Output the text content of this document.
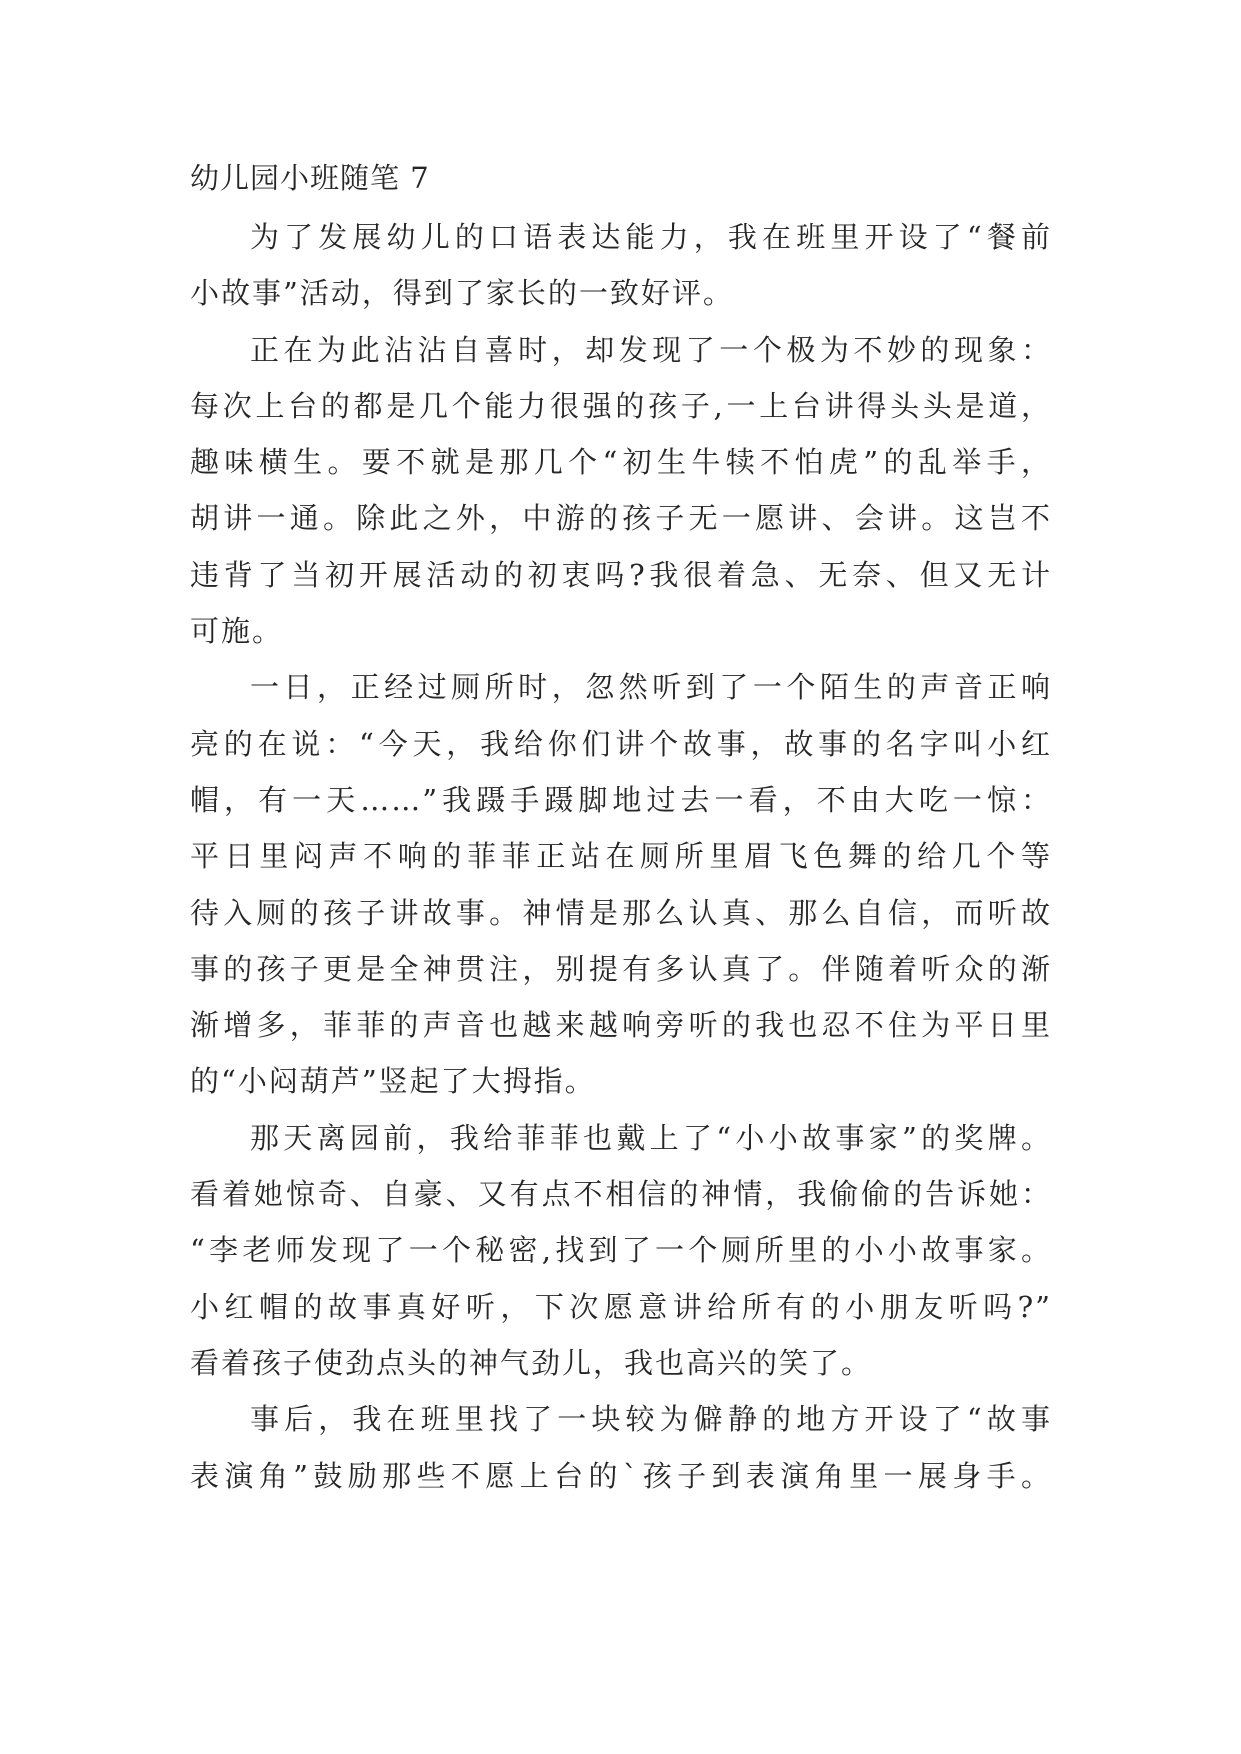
幼儿园小班随笔 7
为了发展幼儿的口语表达能力，我在班里开设了“餐前
小故事”活动，得到了家长的一致好评。
正在为此沾沾自喜时，却发现了一个极为不妙的现象：
每次上台的都是几个能力很强的孩子,一上台讲得头头是道，
趣味横生。要不就是那几个“初生牛犊不怕虎”的乱举手，
胡讲一通。除此之外，中游的孩子无一愿讲、会讲。这岂不
违背了当初开展活动的初衷吗?我很着急、无奈、但又无计
可施。
一日，正经过厕所时，忽然听到了一个陌生的声音正响
亮的在说：“今天，我给你们讲个故事，故事的名字叫小红
帽，有一天……”我蹑手蹑脚地过去一看，不由大吃一惊：
平日里闷声不响的菲菲正站在厕所里眉飞色舞的给几个等
待入厕的孩子讲故事。神情是那么认真、那么自信，而听故
事的孩子更是全神贯注，别提有多认真了。伴随着听众的渐
渐增多，菲菲的声音也越来越响旁听的我也忍不住为平日里
的“小闷葫芦”竖起了大拇指。
那天离园前，我给菲菲也戴上了“小小故事家”的奖牌。
看着她惊奇、自豪、又有点不相信的神情，我偷偷的告诉她：
“李老师发现了一个秘密,找到了一个厕所里的小小故事家。
小红帽的故事真好听，下次愿意讲给所有的小朋友听吗?”
看着孩子使劲点头的神气劲儿，我也高兴的笑了。
事后，我在班里找了一块较为僻静的地方开设了“故事
表演角”鼓励那些不愿上台的`孩子到表演角里一展身手。
